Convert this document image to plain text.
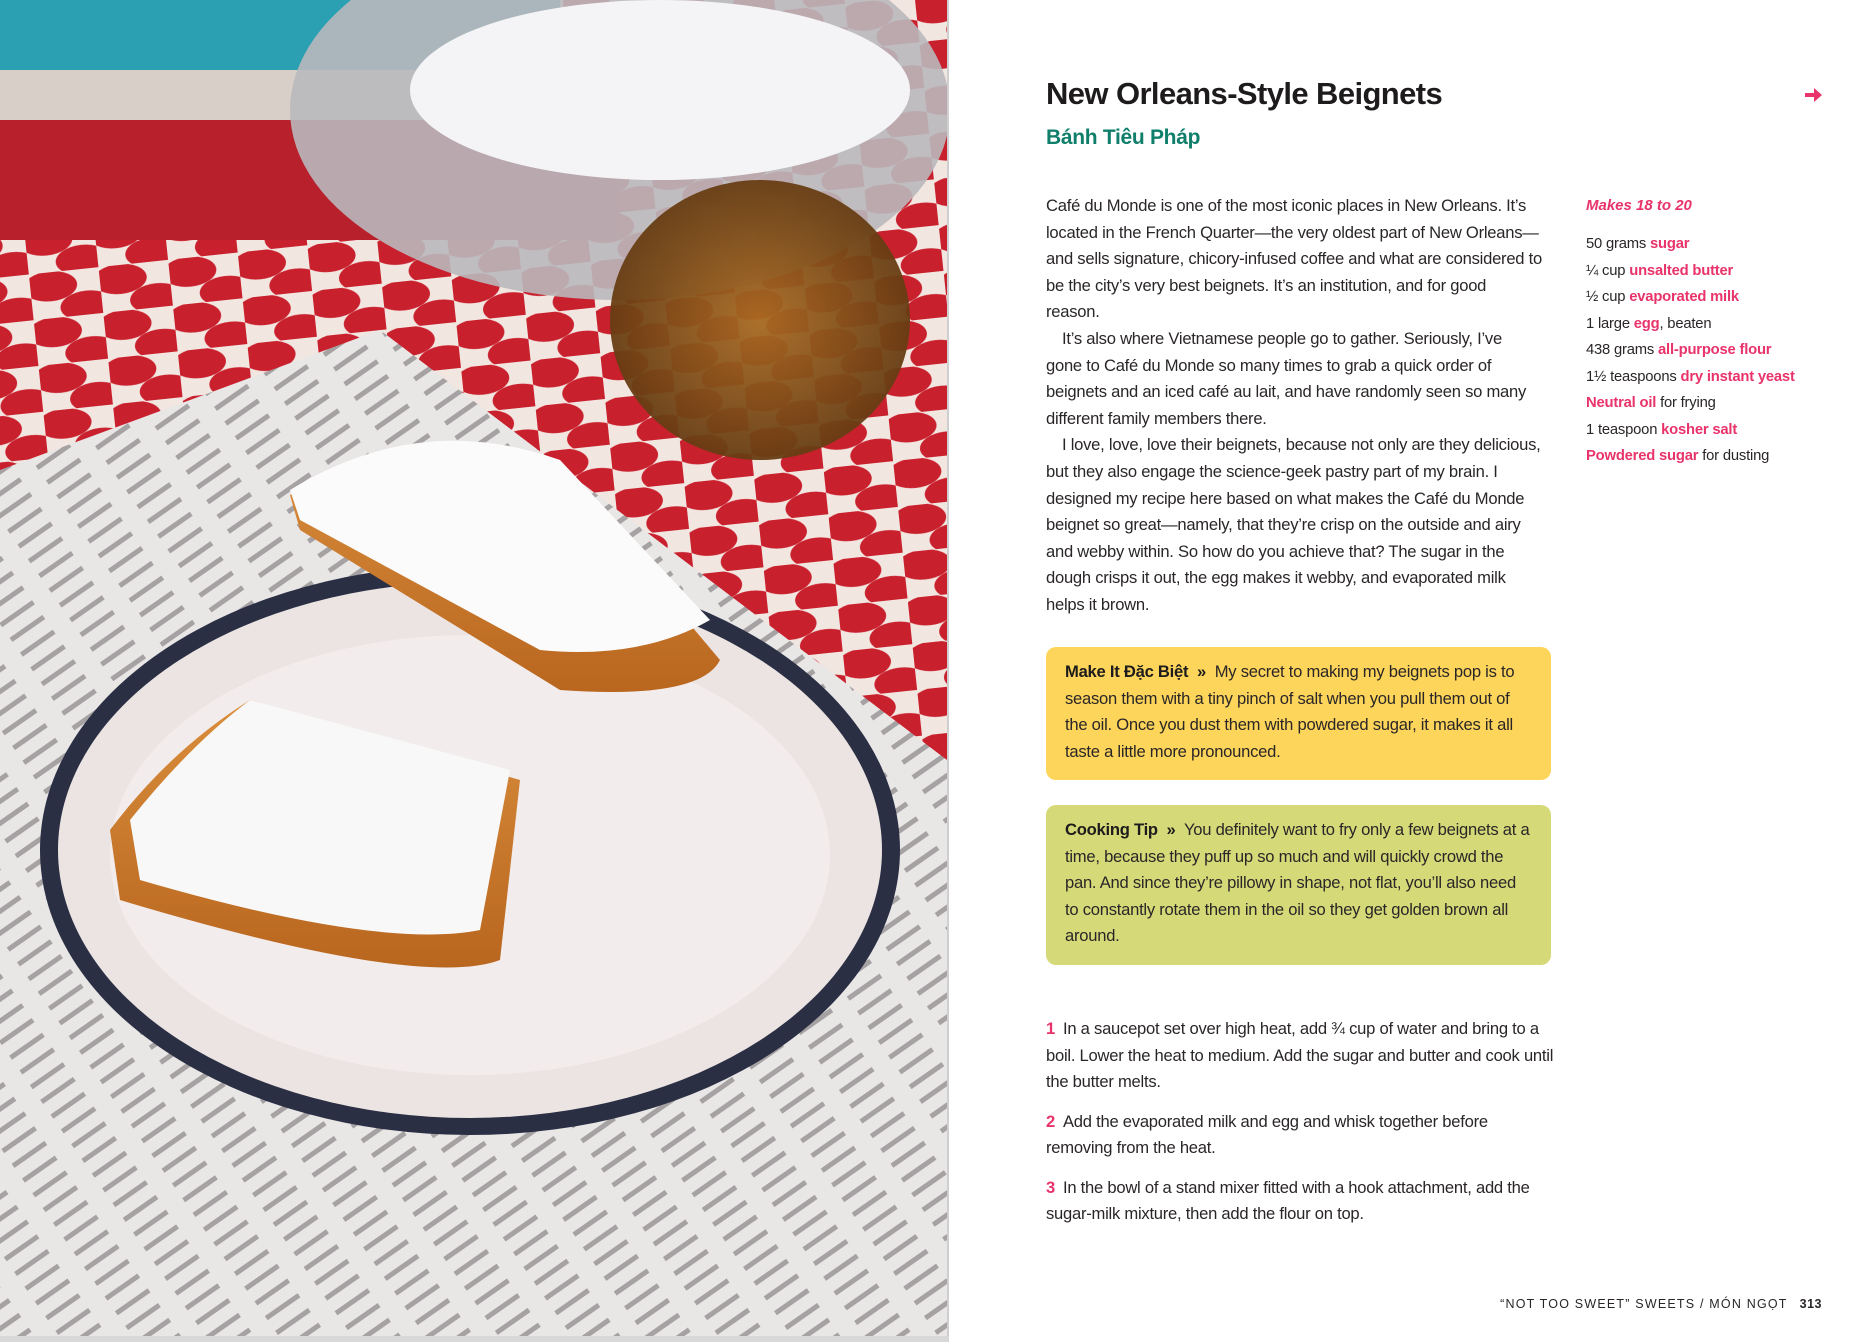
New Orleans-Style Beignets
Bánh Tiêu Pháp

Café du Monde is one of the most iconic places in New Orleans. It’s located in the French Quarter—the very oldest part of New Orleans—and sells signature, chicory-infused coffee and what are considered to be the city’s very best beignets. It’s an institution, and for good reason.

It’s also where Vietnamese people go to gather. Seriously, I’ve gone to Café du Monde so many times to grab a quick order of beignets and an iced café au lait, and have randomly seen so many different family members there.

I love, love, love their beignets, because not only are they delicious, but they also engage the science-geek pastry part of my brain. I designed my recipe here based on what makes the Café du Monde beignet so great—namely, that they’re crisp on the outside and airy and webby within. So how do you achieve that? The sugar in the dough crisps it out, the egg makes it webby, and evaporated milk helps it brown.

Makes 18 to 20
50 grams sugar
¼ cup unsalted butter
½ cup evaporated milk
1 large egg, beaten
438 grams all-purpose flour
1½ teaspoons dry instant yeast
Neutral oil for frying
1 teaspoon kosher salt
Powdered sugar for dusting
Make It Đặc Biệt » My secret to making my beignets pop is to season them with a tiny pinch of salt when you pull them out of the oil. Once you dust them with powdered sugar, it makes it all taste a little more pronounced.
Cooking Tip » You definitely want to fry only a few beignets at a time, because they puff up so much and will quickly crowd the pan. And since they’re pillowy in shape, not flat, you’ll also need to constantly rotate them in the oil so they get golden brown all around.
1 In a saucepot set over high heat, add ¾ cup of water and bring to a boil. Lower the heat to medium. Add the sugar and butter and cook until the butter melts.
2 Add the evaporated milk and egg and whisk together before removing from the heat.
3 In the bowl of a stand mixer fitted with a hook attachment, add the sugar-milk mixture, then add the flour on top.
“NOT TOO SWEET” SWEETS / MÓN NGỌT 313
